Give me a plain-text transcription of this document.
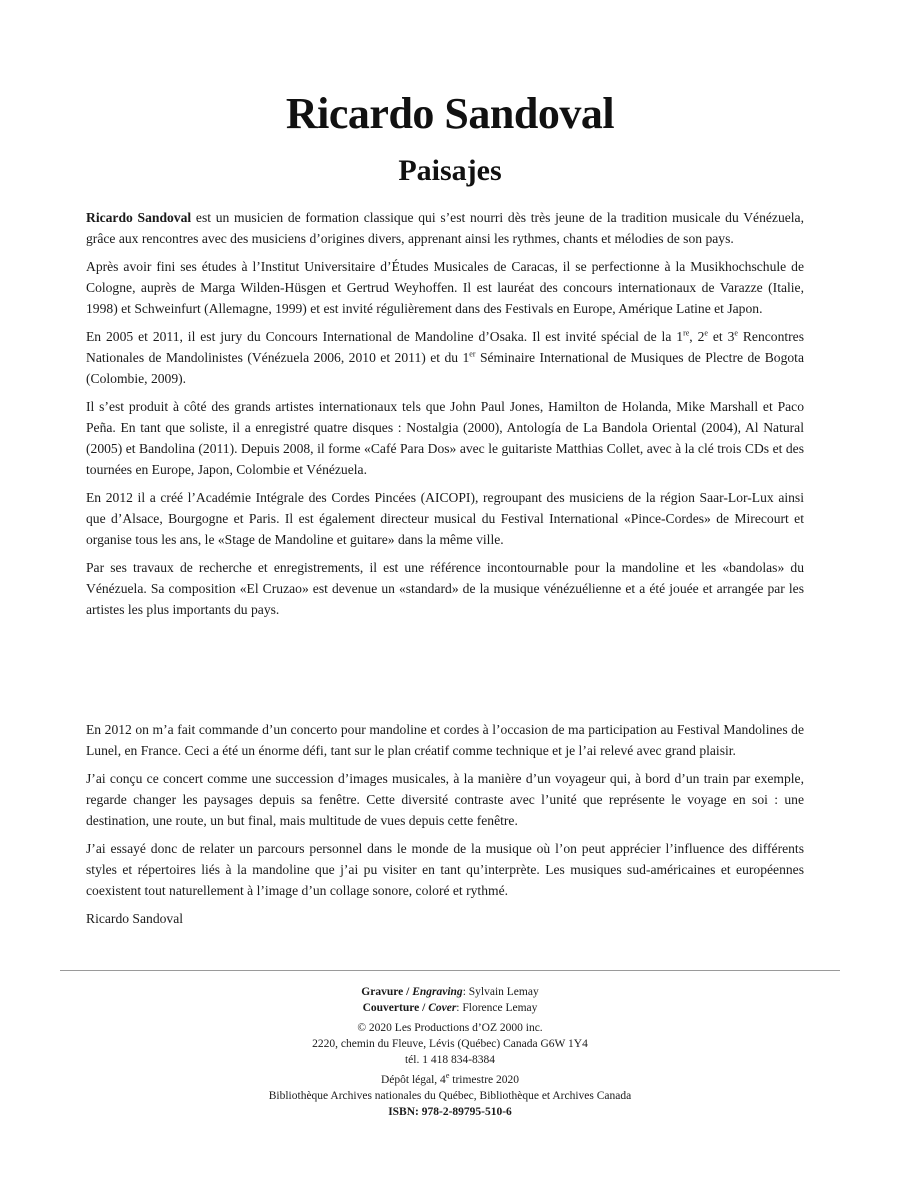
Ricardo Sandoval
Paisajes

Ricardo Sandoval est un musicien de formation classique qui s’est nourri dès très jeune de la tradition musicale du Vénézuela, grâce aux rencontres avec des musiciens d’origines divers, apprenant ainsi les rythmes, chants et mélodies de son pays.

Après avoir fini ses études à l’Institut Universitaire d’Études Musicales de Caracas, il se perfectionne à la Musikhochschule de Cologne, auprès de Marga Wilden-Hüsgen et Gertrud Weyhoffen. Il est lauréat des concours internationaux de Varazze (Italie, 1998) et Schweinfurt (Allemagne, 1999) et est invité régulièrement dans des Festivals en Europe, Amérique Latine et Japon.

En 2005 et 2011, il est jury du Concours International de Mandoline d’Osaka. Il est invité spécial de la 1re, 2e et 3e Rencontres Nationales de Mandolinistes (Vénézuela 2006, 2010 et 2011) et du 1er Séminaire International de Musiques de Plectre de Bogota (Colombie, 2009).

Il s’est produit à côté des grands artistes internationaux tels que John Paul Jones, Hamilton de Holanda, Mike Marshall et Paco Peña. En tant que soliste, il a enregistré quatre disques : Nostalgia (2000), Antología de La Bandola Oriental (2004), Al Natural (2005) et Bandolina (2011). Depuis 2008, il forme «Café Para Dos» avec le guitariste Matthias Collet, avec à la clé trois CDs et des tournées en Europe, Japon, Colombie et Vénézuela.

En 2012 il a créé l’Académie Intégrale des Cordes Pincées (AICOPI), regroupant des musiciens de la région Saar-Lor-Lux ainsi que d’Alsace, Bourgogne et Paris. Il est également directeur musical du Festival International «Pince-Cordes» de Mirecourt et organise tous les ans, le «Stage de Mandoline et guitare» dans la même ville.

Par ses travaux de recherche et enregistrements, il est une référence incontournable pour la mandoline et les «bandolas» du Vénézuela. Sa composition «El Cruzao» est devenue un «standard» de la musique vénézuélienne et a été jouée et arrangée par les artistes les plus importants du pays.

En 2012 on m’a fait commande d’un concerto pour mandoline et cordes à l’occasion de ma participation au Festival Mandolines de Lunel, en France. Ceci a été un énorme défi, tant sur le plan créatif comme technique et je l’ai relevé avec grand plaisir.

J’ai conçu ce concert comme une succession d’images musicales, à la manière d’un voyageur qui, à bord d’un train par exemple, regarde changer les paysages depuis sa fenêtre. Cette diversité contraste avec l’unité que représente le voyage en soi : une destination, une route, un but final, mais multitude de vues depuis cette fenêtre.

J’ai essayé donc de relater un parcours personnel dans le monde de la musique où l’on peut apprécier l’influence des différents styles et répertoires liés à la mandoline que j’ai pu visiter en tant qu’interprète. Les musiques sud-américaines et européennes coexistent tout naturellement à l’image d’un collage sonore, coloré et rythmé.

Ricardo Sandoval

Gravure / Engraving: Sylvain Lemay

Couverture / Cover: Florence Lemay

© 2020 Les Productions d’OZ 2000 inc.

2220, chemin du Fleuve, Lévis (Québec) Canada G6W 1Y4

tél. 1 418 834-8384

Dépôt légal, 4e trimestre 2020

Bibliothèque Archives nationales du Québec, Bibliothèque et Archives Canada

ISBN: 978-2-89795-510-6
